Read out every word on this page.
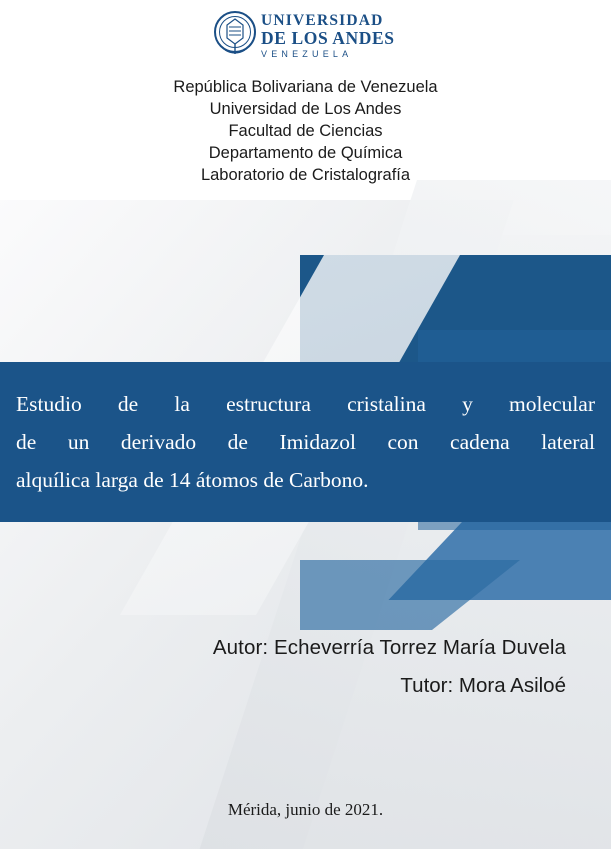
UNIVERSIDAD
DE LOS ANDES
VENEZUELA
República Bolivariana de Venezuela
Universidad de Los Andes
Facultad de Ciencias
Departamento de Química
Laboratorio de Cristalografía
Estudio de la estructura cristalina y molecular
de un derivado de Imidazol con cadena lateral
alquílica larga de 14 átomos de Carbono.
Autor: Echeverría Torrez María Duvela
Tutor: Mora Asiloé
Mérida, junio de 2021.
